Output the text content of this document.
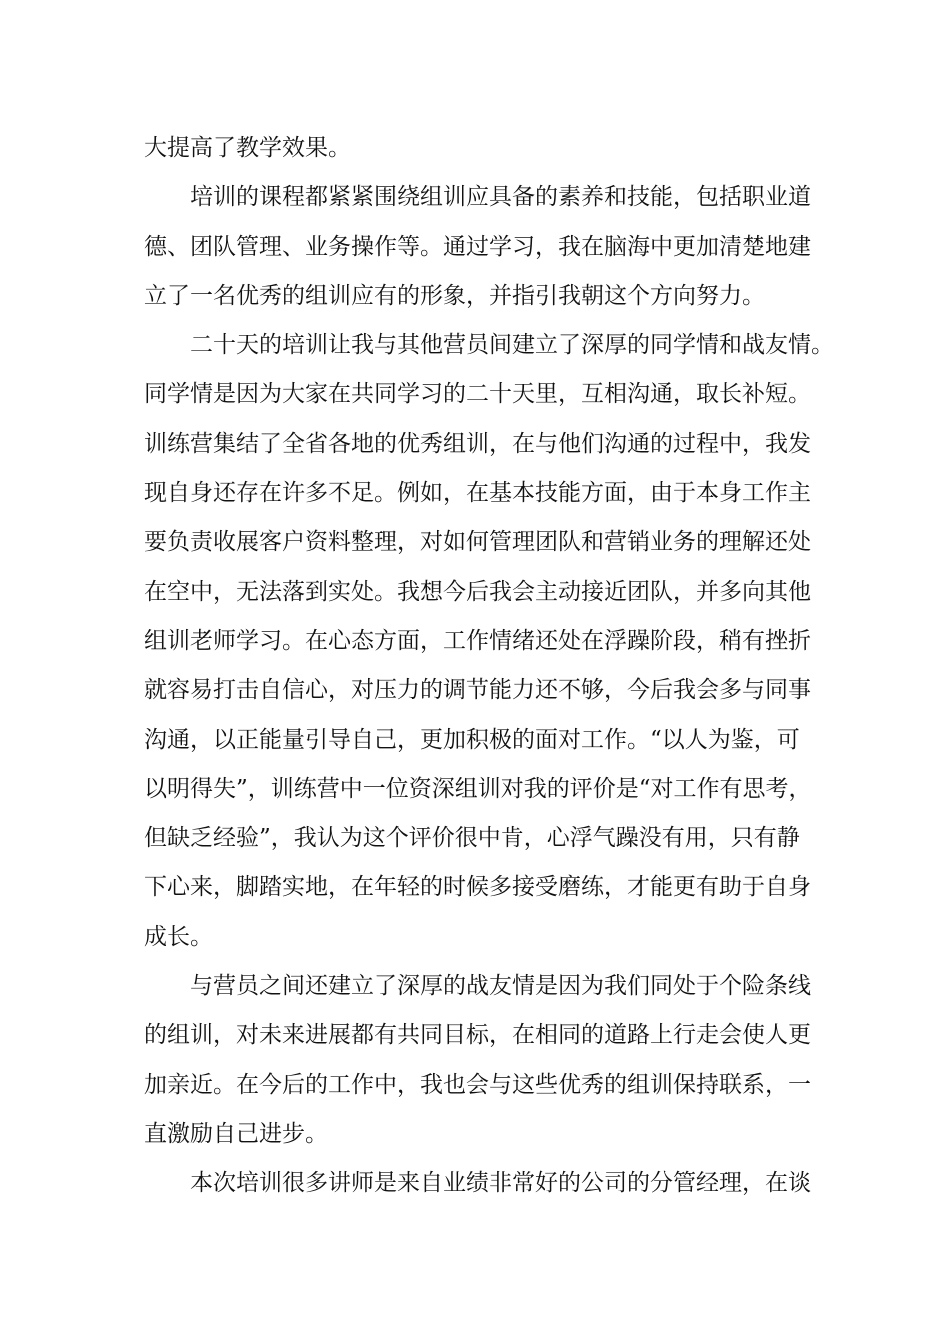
大提高了教学效果。
培训的课程都紧紧围绕组训应具备的素养和技能，包括职业道
德、团队管理、业务操作等。通过学习，我在脑海中更加清楚地建
立了一名优秀的组训应有的形象，并指引我朝这个方向努力。
二十天的培训让我与其他营员间建立了深厚的同学情和战友情。
同学情是因为大家在共同学习的二十天里，互相沟通，取长补短。
训练营集结了全省各地的优秀组训，在与他们沟通的过程中，我发
现自身还存在许多不足。例如，在基本技能方面，由于本身工作主
要负责收展客户资料整理，对如何管理团队和营销业务的理解还处
在空中，无法落到实处。我想今后我会主动接近团队，并多向其他
组训老师学习。在心态方面，工作情绪还处在浮躁阶段，稍有挫折
就容易打击自信心，对压力的调节能力还不够，今后我会多与同事
沟通，以正能量引导自己，更加积极的面对工作。“以人为鉴，可
以明得失”，训练营中一位资深组训对我的评价是“对工作有思考，
但缺乏经验”，我认为这个评价很中肯，心浮气躁没有用，只有静
下心来，脚踏实地，在年轻的时候多接受磨练，才能更有助于自身
成长。
与营员之间还建立了深厚的战友情是因为我们同处于个险条线
的组训，对未来进展都有共同目标，在相同的道路上行走会使人更
加亲近。在今后的工作中，我也会与这些优秀的组训保持联系，一
直激励自己进步。
本次培训很多讲师是来自业绩非常好的公司的分管经理，在谈
